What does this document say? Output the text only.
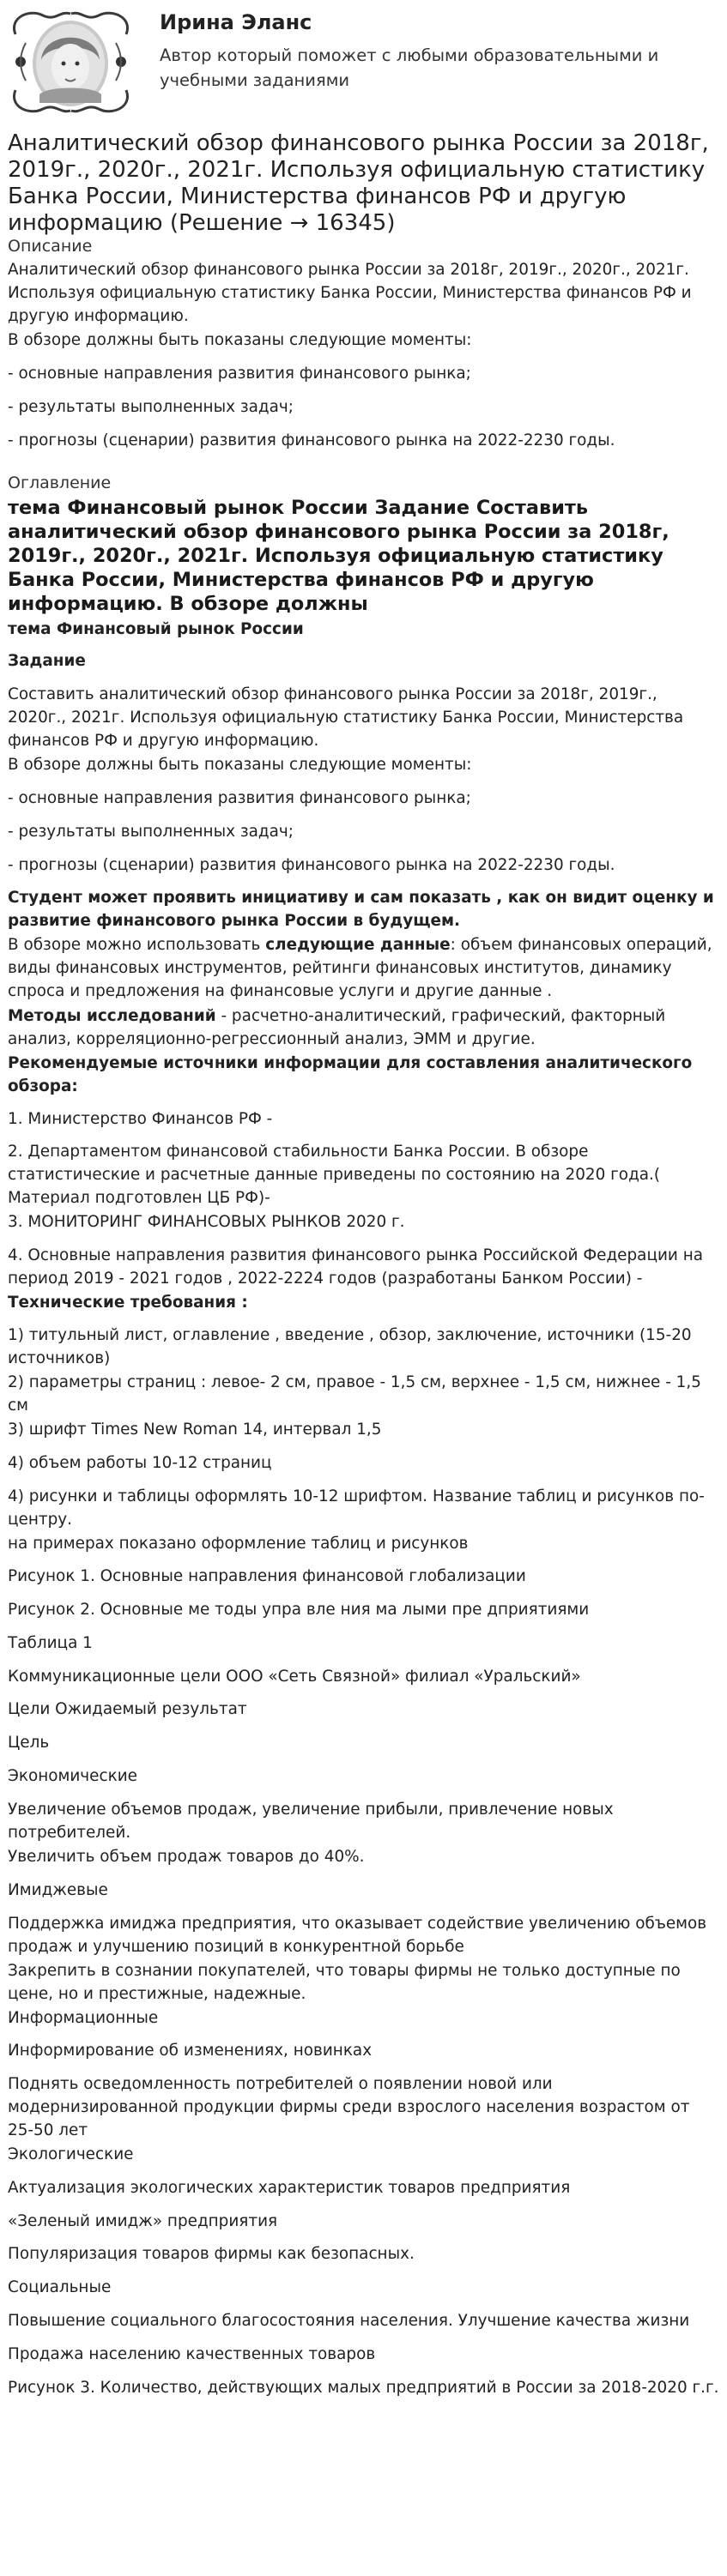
Ирина Эланс
Автор который поможет с любыми образовательными и учебными заданиями
Аналитический обзор финансового рынка России за 2018г, 2019г., 2020г., 2021г. Используя официальную статистику Банка России, Министерства финансов РФ и другую информацию (Решение → 16345)
Описание

Аналитический обзор финансового рынка России за 2018г, 2019г., 2020г., 2021г. Используя официальную статистику Банка России, Министерства финансов РФ и другую информацию.

В обзоре должны быть показаны следующие моменты:

- основные направления развития финансового рынка;

- результаты выполненных задач;

- прогнозы (сценарии) развития финансового рынка на 2022-2230 годы.

Оглавление
тема Финансовый рынок России Задание Составить аналитический обзор финансового рынка России за 2018г, 2019г., 2020г., 2021г. Используя официальную статистику Банка России, Министерства финансов РФ и другую информацию. В обзоре должны

тема Финансовый рынок России

Задание

Составить аналитический обзор финансового рынка России за 2018г, 2019г., 2020г., 2021г. Используя официальную статистику Банка России, Министерства финансов РФ и другую информацию.

В обзоре должны быть показаны следующие моменты:

- основные направления развития финансового рынка;

- результаты выполненных задач;

- прогнозы (сценарии) развития финансового рынка на 2022-2230 годы.

Студент может проявить инициативу и сам показать , как он видит оценку и развитие финансового рынка России в будущем.

В обзоре можно использовать следующие данные: объем финансовых операций, виды финансовых инструментов, рейтинги финансовых институтов, динамику спроса и предложения на финансовые услуги и другие данные .

Методы исследований - расчетно-аналитический, графический, факторный анализ, корреляционно-регрессионный анализ, ЭММ и другие.

Рекомендуемые источники информации для составления аналитического обзора:

1. Министерство Финансов РФ -

2. Департаментом финансовой стабильности Банка России. В обзоре статистические и расчетные данные приведены по состоянию на 2020 года.( Материал подготовлен ЦБ РФ)-

3. МОНИТОРИНГ ФИНАНСОВЫХ РЫНКОВ 2020 г.

4. Основные направления развития финансового рынка Российской Федерации на период 2019 - 2021 годов , 2022-2224 годов (разработаны Банком России) -

Технические требования :

1) титульный лист, оглавление , введение , обзор, заключение, источники (15-20 источников)

2) параметры страниц : левое- 2 см, правое - 1,5 см, верхнее - 1,5 см, нижнее - 1,5 см

3) шрифт Times New Roman 14, интервал 1,5

4) объем работы 10-12 страниц

4) рисунки и таблицы оформлять 10-12 шрифтом. Название таблиц и рисунков по- центру.

на примерах показано оформление таблиц и рисунков

Рисунок 1. Основные направления финансовой глобализации

Рисунок 2. Основные ме тоды упра вле ния ма лыми пре дприятиями

Таблица 1

Коммуникационные цели ООО «Сеть Связной» филиал «Уральский»

Цели Ожидаемый результат

Цель

Экономические

Увеличение объемов продаж, увеличение прибыли, привлечение новых потребителей.

Увеличить объем продаж товаров до 40%.

Имиджевые

Поддержка имиджа предприятия, что оказывает содействие увеличению объемов продаж и улучшению позиций в конкурентной борьбе

Закрепить в сознании покупателей, что товары фирмы не только доступные по цене, но и престижные, надежные.

Информационные

Информирование об изменениях, новинках

Поднять осведомленность потребителей о появлении новой или модернизированной продукции фирмы среди взрослого населения возрастом от 25-50 лет

Экологические

Актуализация экологических характеристик товаров предприятия

«Зеленый имидж» предприятия

Популяризация товаров фирмы как безопасных.

Социальные

Повышение социального благосостояния населения. Улучшение качества жизни

Продажа населению качественных товаров

Рисунок 3. Количество, действующих малых предприятий в России за 2018-2020 г.г.
